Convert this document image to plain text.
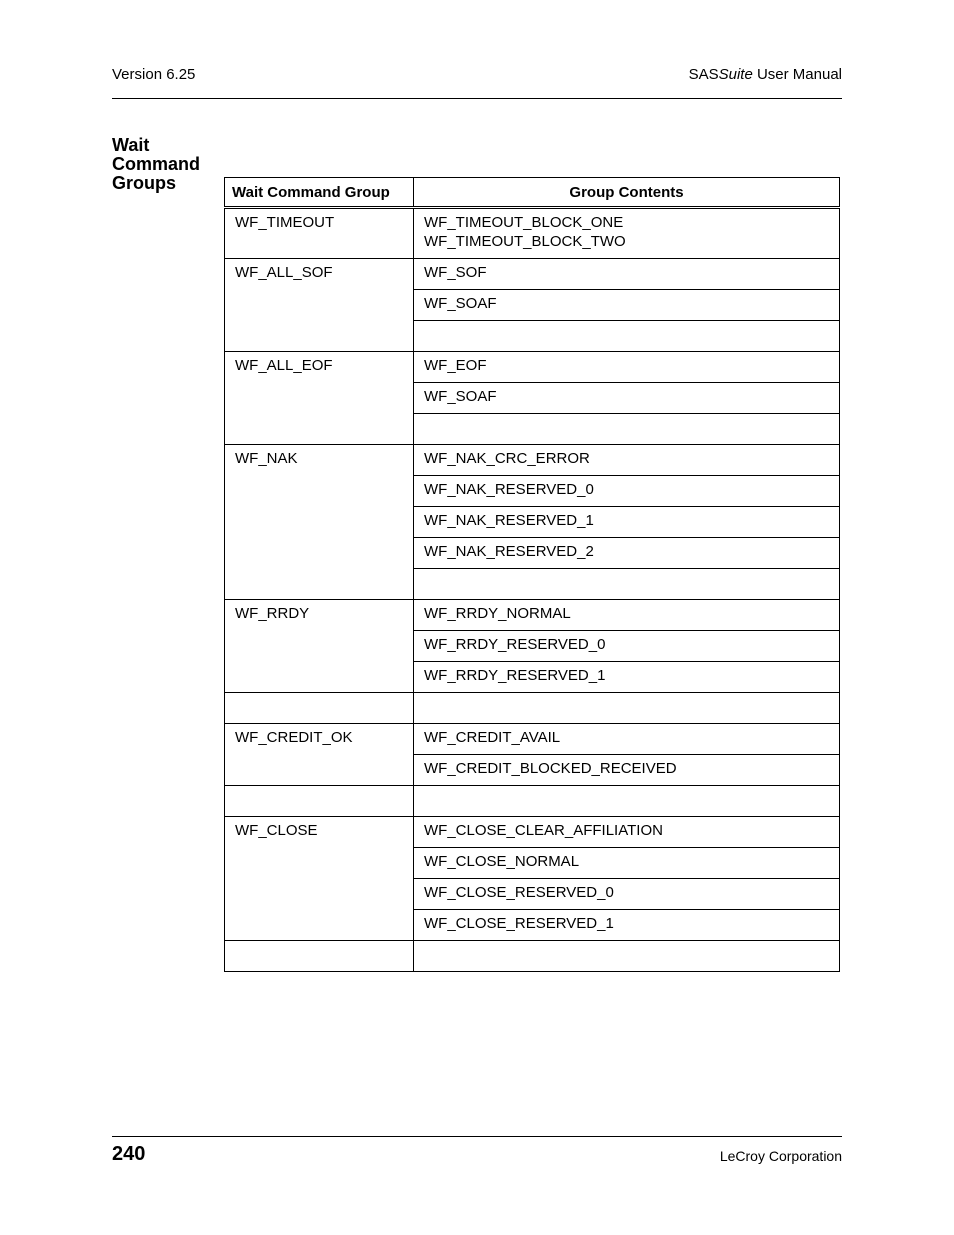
Version 6.25	SASSuite User Manual
Wait
Command
Groups	Wait Command Group	Group Contents
WF_TIMEOUT	WF_TIMEOUT_BLOCK_ONE
WF_TIMEOUT_BLOCK_TWO

WF_ALL_SOF	WF_SOF
	WF_SOAF

WF_ALL_EOF	WF_EOF
	WF_SOAF

WF_NAK	WF_NAK_CRC_ERROR
	WF_NAK_RESERVED_0
	WF_NAK_RESERVED_1
	WF_NAK_RESERVED_2

WF_RRDY	WF_RRDY_NORMAL
	WF_RRDY_RESERVED_0
	WF_RRDY_RESERVED_1

WF_CREDIT_OK	WF_CREDIT_AVAIL
	WF_CREDIT_BLOCKED_RECEIVED

WF_CLOSE	WF_CLOSE_CLEAR_AFFILIATION
	WF_CLOSE_NORMAL
	WF_CLOSE_RESERVED_0
	WF_CLOSE_RESERVED_1

240	LeCroy Corporation
